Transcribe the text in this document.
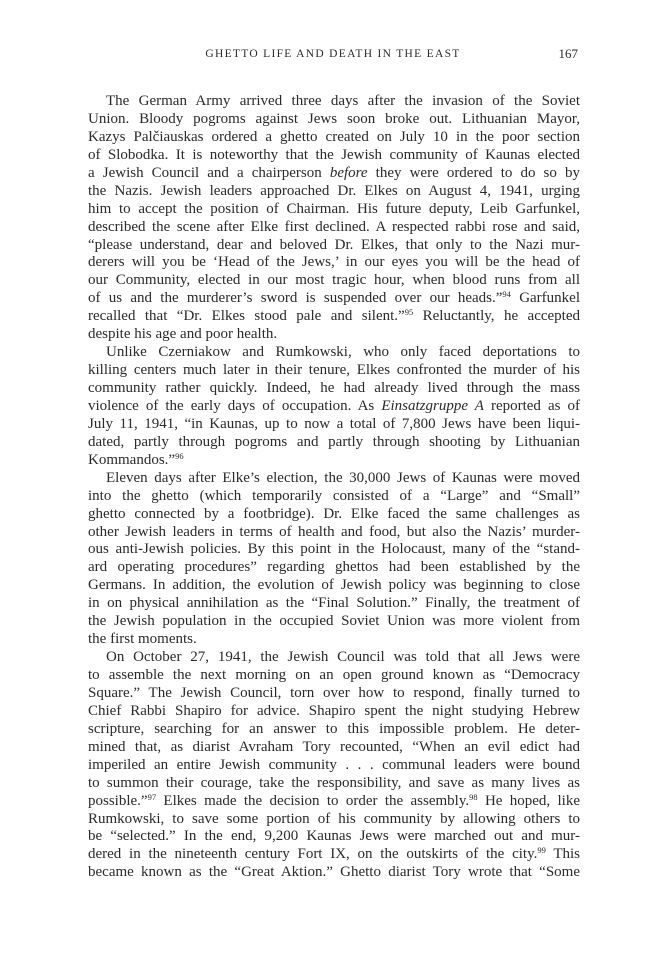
GHETTO LIFE AND DEATH IN THE EAST	167
The German Army arrived three days after the invasion of the Soviet
Union. Bloody pogroms against Jews soon broke out. Lithuanian Mayor,
Kazys Palčiauskas ordered a ghetto created on July 10 in the poor section
of Slobodka. It is noteworthy that the Jewish community of Kaunas elected
a Jewish Council and a chairperson before they were ordered to do so by
the Nazis. Jewish leaders approached Dr. Elkes on August 4, 1941, urging
him to accept the position of Chairman. His future deputy, Leib Garfunkel,
described the scene after Elke first declined. A respected rabbi rose and said,
“please understand, dear and beloved Dr. Elkes, that only to the Nazi mur-
derers will you be ‘Head of the Jews,’ in our eyes you will be the head of
our Community, elected in our most tragic hour, when blood runs from all
of us and the murderer’s sword is suspended over our heads.”$^{94}$ Garfunkel
recalled that “Dr. Elkes stood pale and silent.”$^{95}$ Reluctantly, he accepted
despite his age and poor health.
Unlike Czerniakow and Rumkowski, who only faced deportations to
killing centers much later in their tenure, Elkes confronted the murder of his
community rather quickly. Indeed, he had already lived through the mass
violence of the early days of occupation. As Einsatzgruppe A reported as of
July 11, 1941, “in Kaunas, up to now a total of 7,800 Jews have been liqui-
dated, partly through pogroms and partly through shooting by Lithuanian
Kommandos.”$^{96}$
Eleven days after Elke’s election, the 30,000 Jews of Kaunas were moved
into the ghetto (which temporarily consisted of a “Large” and “Small”
ghetto connected by a footbridge). Dr. Elke faced the same challenges as
other Jewish leaders in terms of health and food, but also the Nazis’ murder-
ous anti-Jewish policies. By this point in the Holocaust, many of the “stand-
ard operating procedures” regarding ghettos had been established by the
Germans. In addition, the evolution of Jewish policy was beginning to close
in on physical annihilation as the “Final Solution.” Finally, the treatment of
the Jewish population in the occupied Soviet Union was more violent from
the first moments.
On October 27, 1941, the Jewish Council was told that all Jews were
to assemble the next morning on an open ground known as “Democracy
Square.” The Jewish Council, torn over how to respond, finally turned to
Chief Rabbi Shapiro for advice. Shapiro spent the night studying Hebrew
scripture, searching for an answer to this impossible problem. He deter-
mined that, as diarist Avraham Tory recounted, “When an evil edict had
imperiled an entire Jewish community . . . communal leaders were bound
to summon their courage, take the responsibility, and save as many lives as
possible.”$^{97}$ Elkes made the decision to order the assembly.$^{98}$ He hoped, like
Rumkowski, to save some portion of his community by allowing others to
be “selected.” In the end, 9,200 Kaunas Jews were marched out and mur-
dered in the nineteenth century Fort IX, on the outskirts of the city.$^{99}$ This
became known as the “Great Aktion.” Ghetto diarist Tory wrote that “Some
